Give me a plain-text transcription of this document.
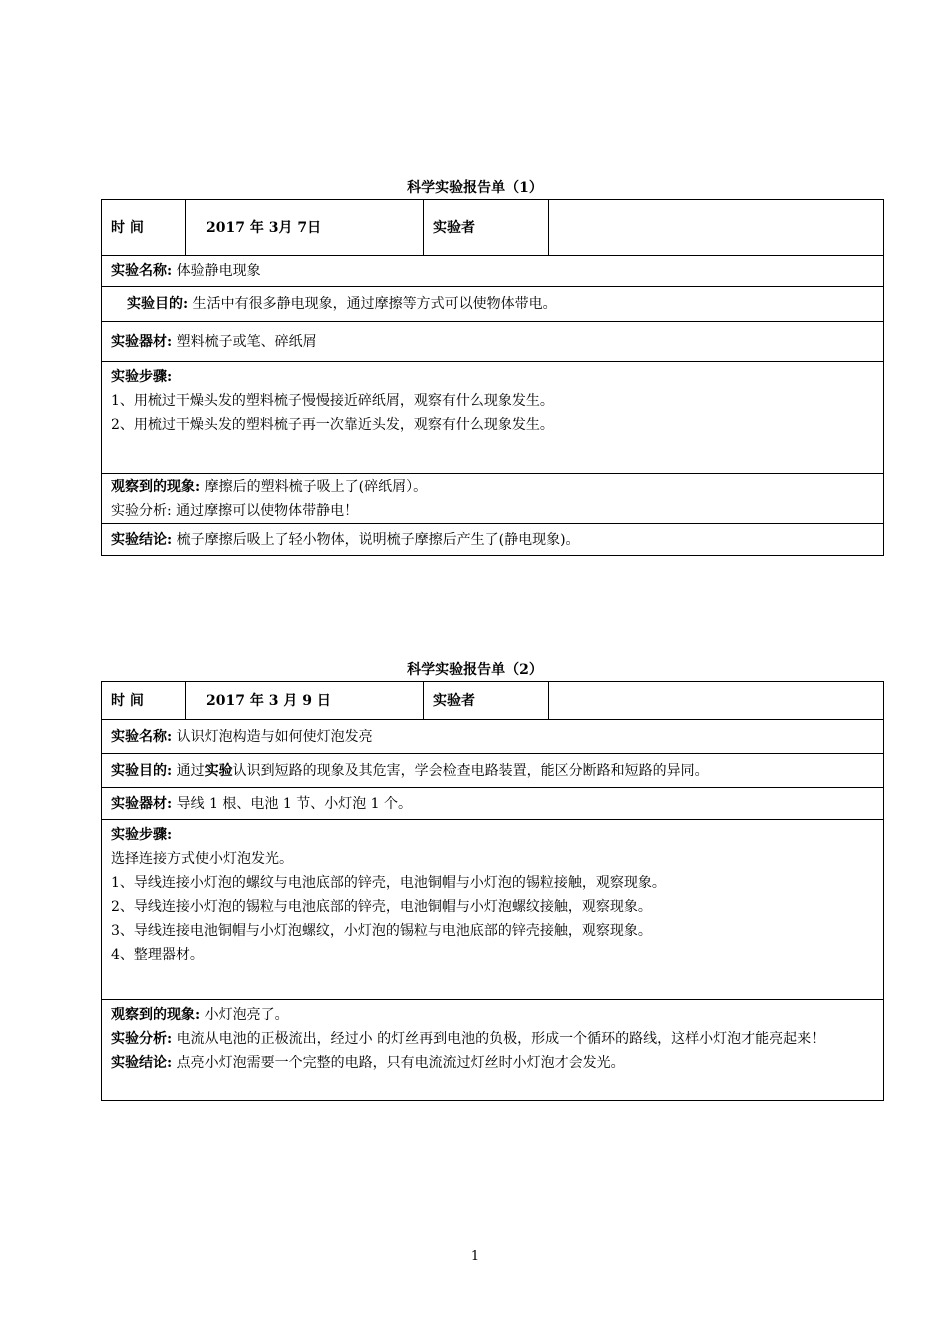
科学实验报告单（1）
时 间	2017 年 3月 7日	实验者	
实验名称: 体验静电现象
实验目的: 生活中有很多静电现象，通过摩擦等方式可以使物体带电。
实验器材: 塑料梳子或笔、碎纸屑

实验步骤:
1、用梳过干燥头发的塑料梳子慢慢接近碎纸屑，观察有什么现象发生。
2、用梳过干燥头发的塑料梳子再一次靠近头发，观察有什么现象发生。

观察到的现象: 摩擦后的塑料梳子吸上了(碎纸屑）。
实验分析: 通过摩擦可以使物体带静电！

实验结论: 梳子摩擦后吸上了轻小物体，说明梳子摩擦后产生了(静电现象)。
科学实验报告单（2）
时 间	2017 年 3 月 9 日	实验者	
实验名称: 认识灯泡构造与如何使灯泡发亮
实验目的: 通过实验认识到短路的现象及其危害，学会检查电路装置，能区分断路和短路的异同。
实验器材: 导线 1 根、电池 1 节、小灯泡 1 个。

实验步骤:
选择连接方式使小灯泡发光。
1、导线连接小灯泡的螺纹与电池底部的锌壳，电池铜帽与小灯泡的锡粒接触，观察现象。
2、导线连接小灯泡的锡粒与电池底部的锌壳，电池铜帽与小灯泡螺纹接触，观察现象。
3、导线连接电池铜帽与小灯泡螺纹，小灯泡的锡粒与电池底部的锌壳接触，观察现象。
4、整理器材。

观察到的现象: 小灯泡亮了。
实验分析: 电流从电池的正极流出，经过小 的灯丝再到电池的负极，形成一个循环的路线，这样小灯泡才能亮起来！
实验结论: 点亮小灯泡需要一个完整的电路，只有电流流过灯丝时小灯泡才会发光。
1
